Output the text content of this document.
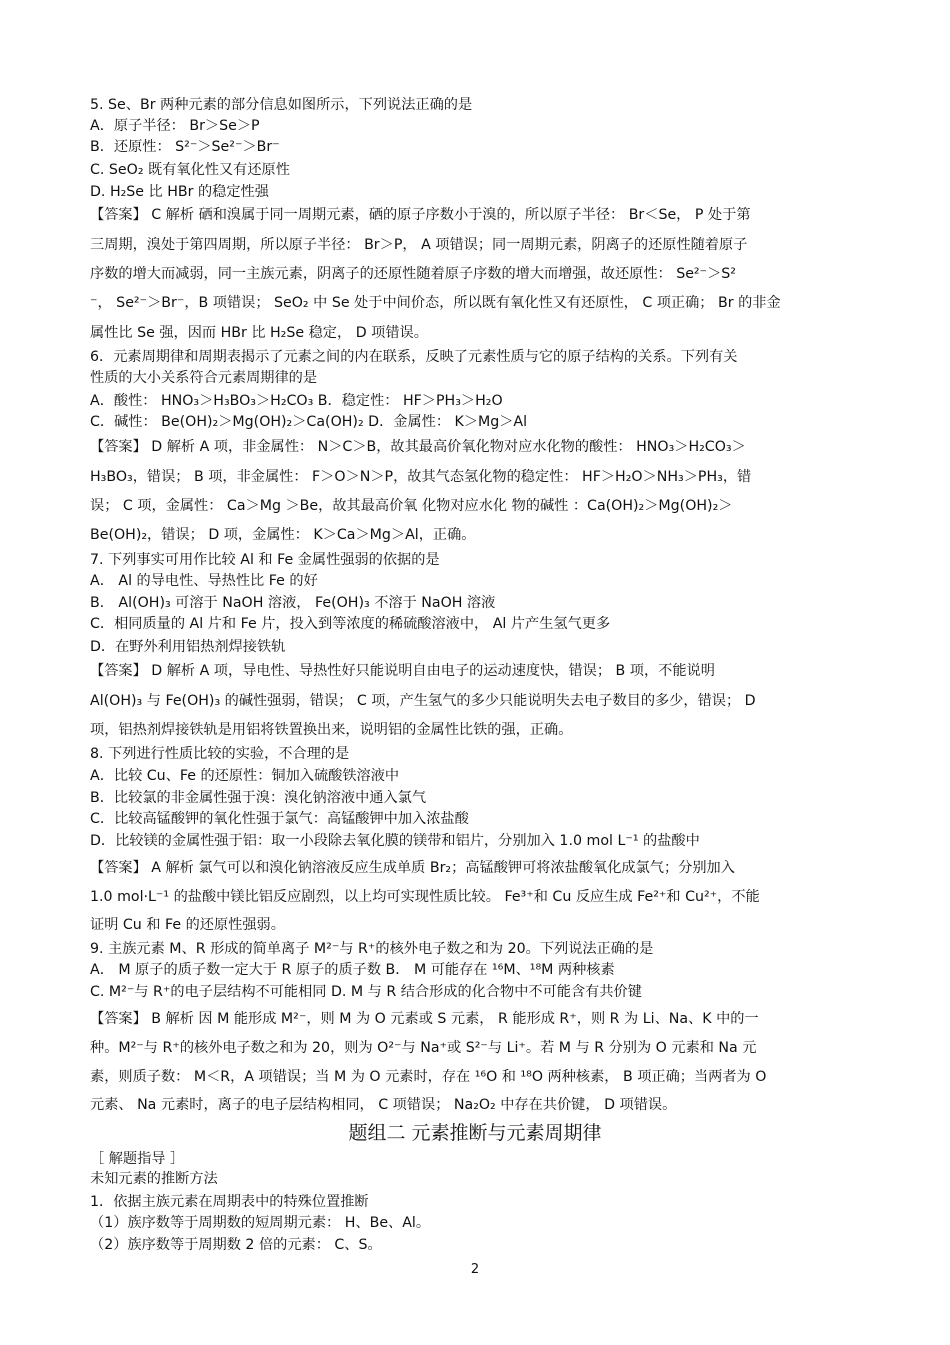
5. Se、Br 两种元素的部分信息如图所示，下列说法正确的是
A．原子半径： Br＞Se＞P
B．还原性： S²⁻＞Se²⁻＞Br⁻
C. SeO₂ 既有氧化性又有还原性
D. H₂Se 比 HBr 的稳定性强
【答案】 C 解析 硒和溴属于同一周期元素，硒的原子序数小于溴的，所以原子半径： Br＜Se， P 处于第
三周期，溴处于第四周期，所以原子半径： Br＞P， A 项错误；同一周期元素，阴离子的还原性随着原子
序数的增大而减弱，同一主族元素，阴离子的还原性随着原子序数的增大而增强，故还原性： Se²⁻＞S²
⁻， Se²⁻＞Br⁻，B 项错误； SeO₂ 中 Se 处于中间价态，所以既有氧化性又有还原性， C 项正确； Br 的非金
属性比 Se 强，因而 HBr 比 H₂Se 稳定， D 项错误。
6．元素周期律和周期表揭示了元素之间的内在联系，反映了元素性质与它的原子结构的关系。下列有关
性质的大小关系符合元素周期律的是
A．酸性： HNO₃＞H₃BO₃＞H₂CO₃ B．稳定性： HF＞PH₃＞H₂O
C．碱性： Be(OH)₂＞Mg(OH)₂＞Ca(OH)₂ D．金属性： K＞Mg＞Al
【答案】 D 解析 A 项，非金属性： N＞C＞B，故其最高价氧化物对应水化物的酸性： HNO₃＞H₂CO₃＞
H₃BO₃，错误； B 项，非金属性： F＞O＞N＞P，故其气态氢化物的稳定性： HF＞H₂O＞NH₃＞PH₃，错
误； C 项，金属性： Ca＞Mg ＞Be，故其最高价氧 化物对应水化 物的碱性 ：Ca(OH)₂＞Mg(OH)₂＞
Be(OH)₂，错误； D 项，金属性： K＞Ca＞Mg＞Al，正确。
7. 下列事实可用作比较 Al 和 Fe 金属性强弱的依据的是
A． Al 的导电性、导热性比 Fe 的好
B． Al(OH)₃ 可溶于 NaOH 溶液， Fe(OH)₃ 不溶于 NaOH 溶液
C．相同质量的 Al 片和 Fe 片，投入到等浓度的稀硫酸溶液中， Al 片产生氢气更多
D．在野外利用铝热剂焊接铁轨
【答案】 D 解析 A 项，导电性、导热性好只能说明自由电子的运动速度快，错误； B 项，不能说明
Al(OH)₃ 与 Fe(OH)₃ 的碱性强弱，错误； C 项，产生氢气的多少只能说明失去电子数目的多少，错误； D
项，铝热剂焊接铁轨是用铝将铁置换出来，说明铝的金属性比铁的强，正确。
8. 下列进行性质比较的实验，不合理的是
A．比较 Cu、Fe 的还原性：铜加入硫酸铁溶液中
B．比较氯的非金属性强于溴：溴化钠溶液中通入氯气
C．比较高锰酸钾的氧化性强于氯气：高锰酸钾中加入浓盐酸
D．比较镁的金属性强于铝：取一小段除去氧化膜的镁带和铝片，分别加入 1.0 mol L⁻¹ 的盐酸中
【答案】 A 解析 氯气可以和溴化钠溶液反应生成单质 Br₂；高锰酸钾可将浓盐酸氧化成氯气；分别加入
1.0 mol·L⁻¹ 的盐酸中镁比铝反应剧烈，以上均可实现性质比较。 Fe³⁺和 Cu 反应生成 Fe²⁺和 Cu²⁺，不能
证明 Cu 和 Fe 的还原性强弱。
9. 主族元素 M、R 形成的简单离子 M²⁻与 R⁺的核外电子数之和为 20。下列说法正确的是
A． M 原子的质子数一定大于 R 原子的质子数 B． M 可能存在 ¹⁶M、¹⁸M 两种核素
C. M²⁻与 R⁺的电子层结构不可能相同 D. M 与 R 结合形成的化合物中不可能含有共价键
【答案】 B 解析 因 M 能形成 M²⁻，则 M 为 O 元素或 S 元素， R 能形成 R⁺，则 R 为 Li、Na、K 中的一
种。M²⁻与 R⁺的核外电子数之和为 20，则为 O²⁻与 Na⁺或 S²⁻与 Li⁺。若 M 与 R 分别为 O 元素和 Na 元
素，则质子数： M＜R，A 项错误；当 M 为 O 元素时，存在 ¹⁶O 和 ¹⁸O 两种核素， B 项正确；当两者为 O
元素、 Na 元素时，离子的电子层结构相同， C 项错误； Na₂O₂ 中存在共价键， D 项错误。
题组二 元素推断与元素周期律
［ 解题指导 ］
未知元素的推断方法
1．依据主族元素在周期表中的特殊位置推断
（1）族序数等于周期数的短周期元素： H、Be、Al。
（2）族序数等于周期数 2 倍的元素： C、S。
2
